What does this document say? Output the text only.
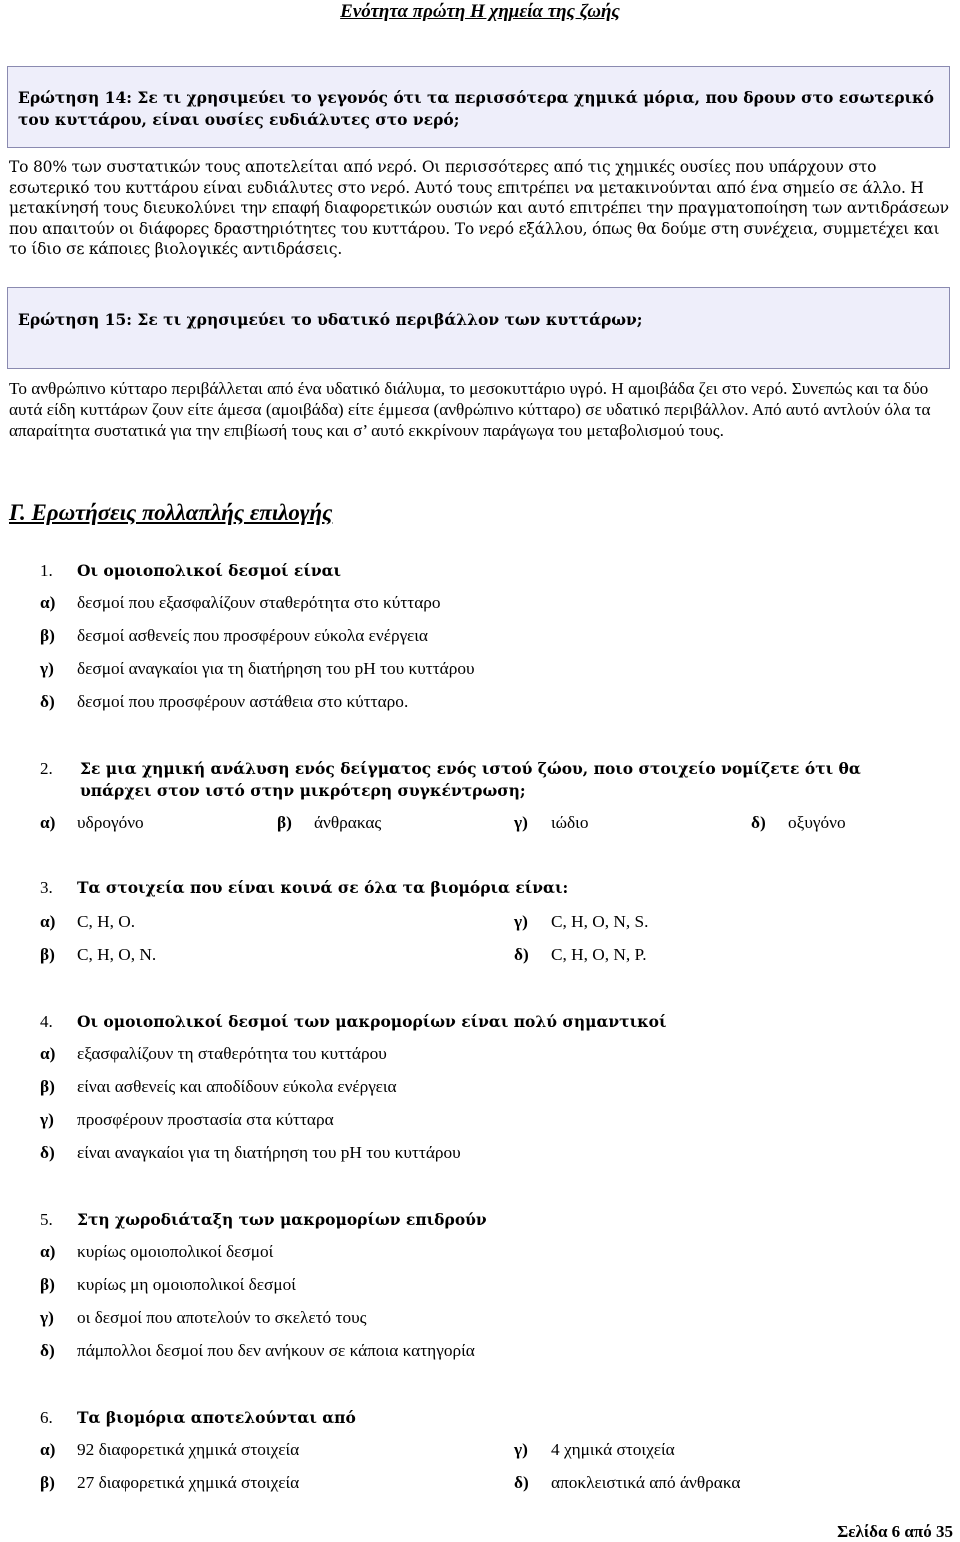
Ενότητα πρώτη Η χημεία της ζωής
Ερώτηση 14: Σε τι χρησιμεύει το γεγονός ότι τα περισσότερα χημικά μόρια, που δρουν στο εσωτερικό του κυττάρου, είναι ουσίες ευδιάλυτες στο νερό;
Το 80% των συστατικών τους αποτελείται από νερό. Οι περισσότερες από τις χημικές ουσίες που υπάρχουν στο εσωτερικό του κυττάρου είναι ευδιάλυτες στο νερό. Αυτό τους επιτρέπει να μετακινούνται από ένα σημείο σε άλλο. Η μετακίνησή τους διευκολύνει την επαφή διαφορετικών ουσιών και αυτό επιτρέπει την πραγματοποίηση των αντιδράσεων που απαιτούν οι διάφορες δραστηριότητες του κυττάρου. Το νερό εξάλλου, όπως θα δούμε στη συνέχεια, συμμετέχει και το ίδιο σε κάποιες βιολογικές αντιδράσεις.
Ερώτηση 15: Σε τι χρησιμεύει το υδατικό περιβάλλον των κυττάρων;
Το ανθρώπινο κύτταρο περιβάλλεται από ένα υδατικό διάλυμα, το μεσοκυττάριο υγρό. Η αμοιβάδα ζει στο νερό. Συνεπώς και τα δύο αυτά είδη κυττάρων ζουν είτε άμεσα (αμοιβάδα) είτε έμμεσα (ανθρώπινο κύτταρο) σε υδατικό περιβάλλον. Από αυτό αντλούν όλα τα απαραίτητα συστατικά για την επιβίωσή τους και σ’ αυτό εκκρίνουν παράγωγα του μεταβολισμού τους.
Γ. Ερωτήσεις πολλαπλής επιλογής
1. Οι ομοιοπολικοί δεσμοί είναι
α) δεσμοί που εξασφαλίζουν σταθερότητα στο κύτταρο
β) δεσμοί ασθενείς που προσφέρουν εύκολα ενέργεια
γ) δεσμοί αναγκαίοι για τη διατήρηση του pH του κυττάρου
δ) δεσμοί που προσφέρουν αστάθεια στο κύτταρο.
2. Σε μια χημική ανάλυση ενός δείγματος ενός ιστού ζώου, ποιο στοιχείο νομίζετε ότι θα υπάρχει στον ιστό στην μικρότερη συγκέντρωση;
α) υδρογόνο	β) άνθρακας	γ) ιώδιο	δ) οξυγόνο
3. Τα στοιχεία που είναι κοινά σε όλα τα βιομόρια είναι:
α) C, H, O.	γ) C, H, O, N, S.
β) C, H, O, N.	δ) C, H, O, N, P.
4. Οι ομοιοπολικοί δεσμοί των μακρομορίων είναι πολύ σημαντικοί
α) εξασφαλίζουν τη σταθερότητα του κυττάρου
β) είναι ασθενείς και αποδίδουν εύκολα ενέργεια
γ) προσφέρουν προστασία στα κύτταρα
δ) είναι αναγκαίοι για τη διατήρηση του pH του κυττάρου
5. Στη χωροδιάταξη των μακρομορίων επιδρούν
α) κυρίως ομοιοπολικοί δεσμοί
β) κυρίως μη ομοιοπολικοί δεσμοί
γ) οι δεσμοί που αποτελούν το σκελετό τους
δ) πάμπολλοι δεσμοί που δεν ανήκουν σε κάποια κατηγορία
6. Τα βιομόρια αποτελούνται από
α) 92 διαφορετικά χημικά στοιχεία	γ) 4 χημικά στοιχεία
β) 27 διαφορετικά χημικά στοιχεία	δ) αποκλειστικά από άνθρακα
Σελίδα 6 από 35
